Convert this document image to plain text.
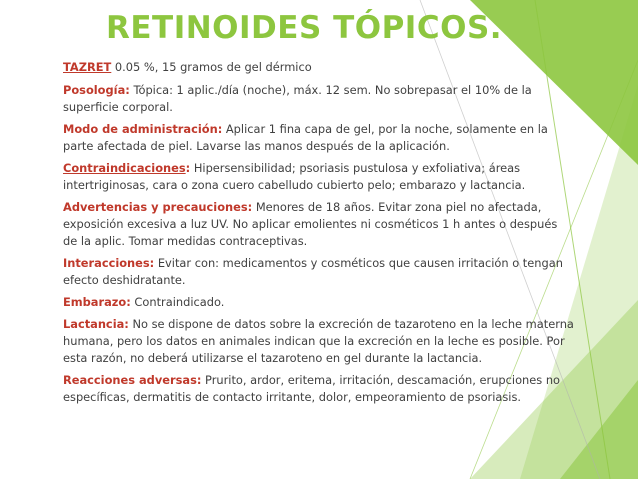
RETINOIDES TÓPICOS.
TAZRET 0.05 %, 15 gramos de gel dérmico
Posología: Tópica: 1 aplic./día (noche), máx. 12 sem. No sobrepasar el 10% de la superficie corporal.
Modo de administración: Aplicar 1 fina capa de gel, por la noche, solamente en la parte afectada de piel. Lavarse las manos después de la aplicación.
Contraindicaciones: Hipersensibilidad; psoriasis pustulosa y exfoliativa; áreas intertriginosas, cara o zona cuero cabelludo cubierto pelo; embarazo y lactancia.
Advertencias y precauciones: Menores de 18 años. Evitar zona piel no afectada, exposición excesiva a luz UV. No aplicar emolientes ni cosméticos 1 h antes o después de la aplic. Tomar medidas contraceptivas.
Interacciones: Evitar con: medicamentos y cosméticos que causen irritación o tengan efecto deshidratante.
Embarazo: Contraindicado.
Lactancia: No se dispone de datos sobre la excreción de tazaroteno en la leche materna humana, pero los datos en animales indican que la excreción en la leche es posible. Por esta razón, no deberá utilizarse el tazaroteno en gel durante la lactancia.
Reacciones adversas: Prurito, ardor, eritema, irritación, descamación, erupciones no específicas, dermatitis de contacto irritante, dolor, empeoramiento de psoriasis.
